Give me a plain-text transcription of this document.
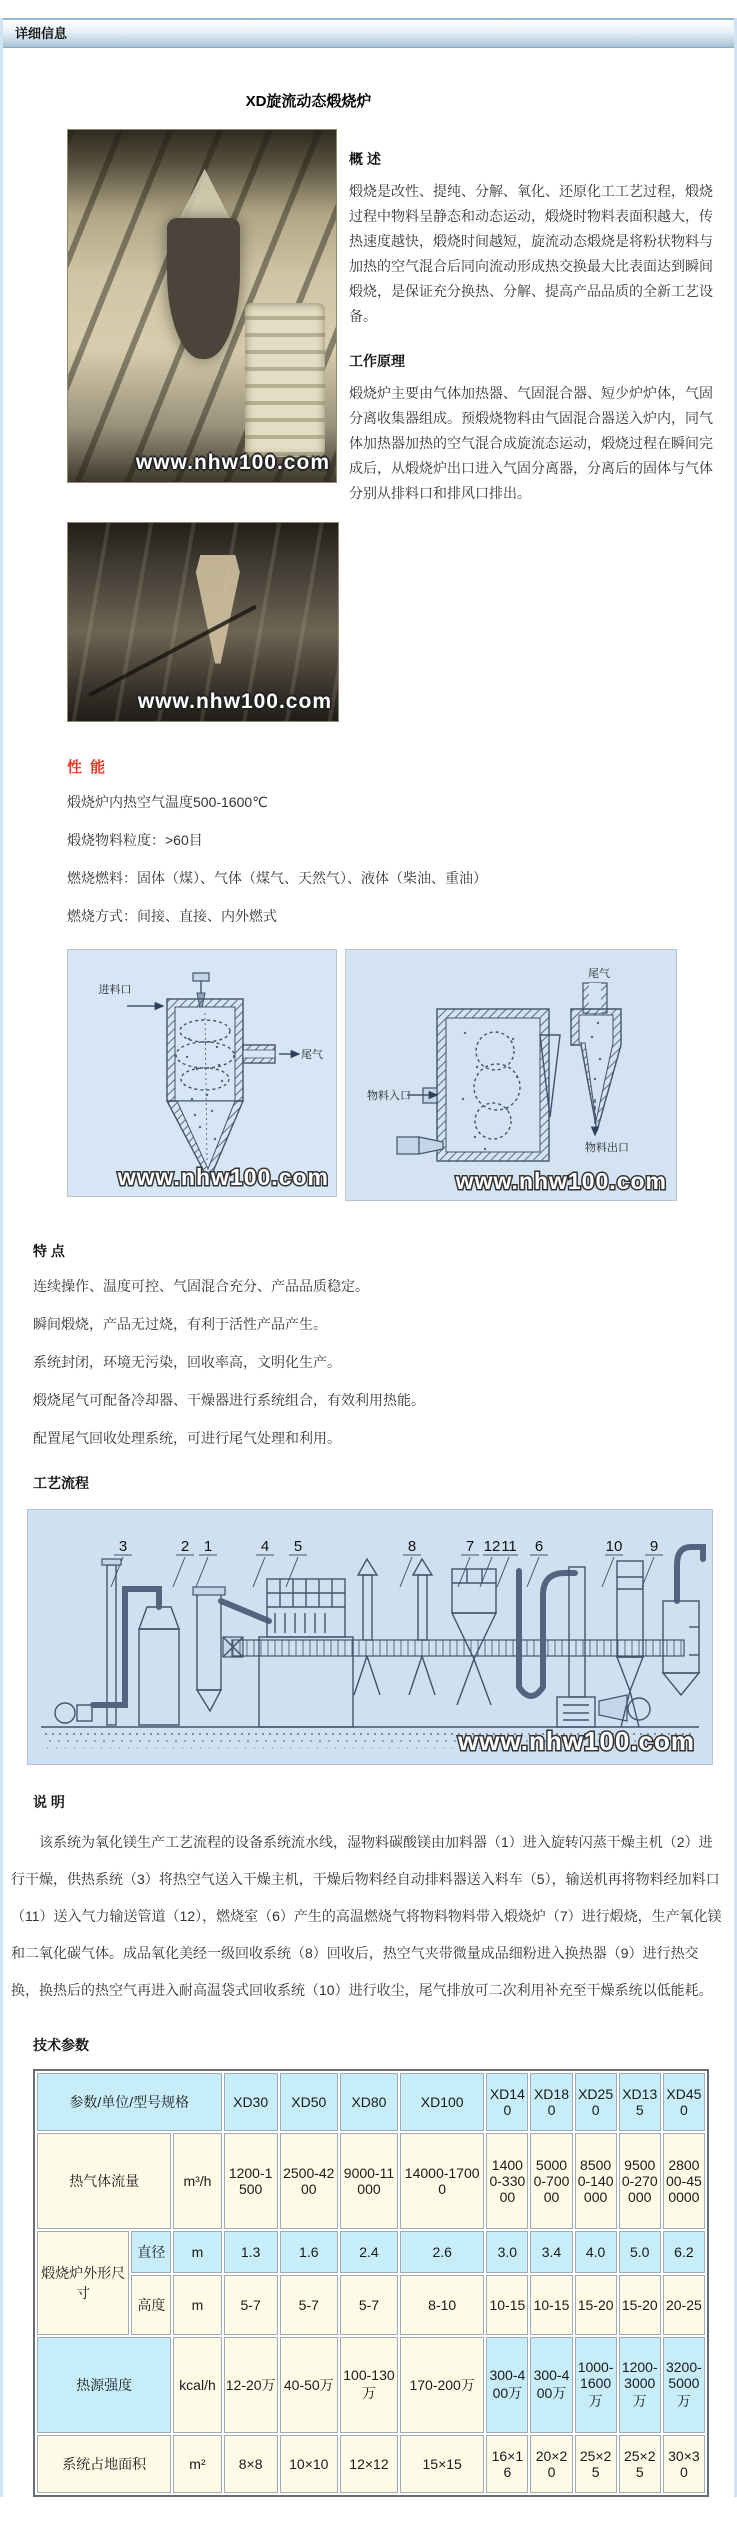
详细信息
XD旋流动态煅烧炉
www.nhw100.com
概 述

煅烧是改性、提纯、分解、氧化、还原化工工艺过程，煅烧过程中物料呈静态和动态运动，煅烧时物料表面积越大，传热速度越快，煅烧时间越短，旋流动态煅烧是将粉状物料与加热的空气混合后同向流动形成热交换最大比表面达到瞬间煅烧，是保证充分换热、分解、提高产品品质的全新工艺设备。

工作原理

煅烧炉主要由气体加热器、气固混合器、短少炉炉体，气固分离收集器组成。预煅烧物料由气固混合器送入炉内，同气体加热器加热的空气混合成旋流态运动，煅烧过程在瞬间完成后，从煅烧炉出口进入气固分离器，分离后的固体与气体分别从排料口和排风口排出。

www.nhw100.com
性 能

煅烧炉内热空气温度500-1600℃

煅烧物料粒度：>60目

燃烧燃料：固体（煤）、气体（煤气、天然气）、液体（柴油、重油）

燃烧方式：间接、直接、内外燃式

进料口
尾气
www.nhw100.com
尾气
物料入口
物料出口
www.nhw100.com
特 点

连续操作、温度可控、气固混合充分、产品品质稳定。

瞬间煅烧，产品无过烧，有利于活性产品产生。

系统封闭，环境无污染，回收率高，文明化生产。

煅烧尾气可配备冷却器、干燥器进行系统组合，有效利用热能。

配置尾气回收处理系统，可进行尾气处理和利用。

工艺流程
3	2 1	4 5	8	7 12 11 6	10 9
www.nhw100.com
说 明

该系统为氧化镁生产工艺流程的设备系统流水线，湿物料碳酸镁由加料器（1）进入旋转闪蒸干燥主机（2）进行干燥，供热系统（3）将热空气送入干燥主机，干燥后物料经自动排料器送入料车（5），输送机再将物料经加料口（11）送入气力输送管道（12），燃烧室（6）产生的高温燃烧气将物料物料带入煅烧炉（7）进行煅烧，生产氧化镁和二氧化碳气体。成品氧化美经一级回收系统（8）回收后，热空气夹带微量成品细粉进入换热器（9）进行热交换，换热后的热空气再进入耐高温袋式回收系统（10）进行收尘，尾气排放可二次利用补充至干燥系统以低能耗。

技术参数
参数/单位/型号规格			XD30	XD50	XD80	XD100	XD140	XD180	XD250	XD135	XD450
热气体流量		m³/h	1200-1500	2500-4200	9000-11000	14000-17000	14000-33000	50000-70000	85000-140000	95000-270000	280000-450000
煅烧炉外形尺寸	直径	m	1.3	1.6	2.4	2.6	3.0	3.4	4.0	5.0	6.2
	高度	m	5-7	5-7	5-7	8-10	10-15	10-15	15-20	15-20	20-25
热源强度		kcal/h	12-20万	40-50万	100-130万	170-200万	300-400万	300-400万	1000-1600万	1200-3000万	3200-5000万
系统占地面积		m²	8×8	10×10	12×12	15×15	16×16	20×20	25×25	25×25	30×30
